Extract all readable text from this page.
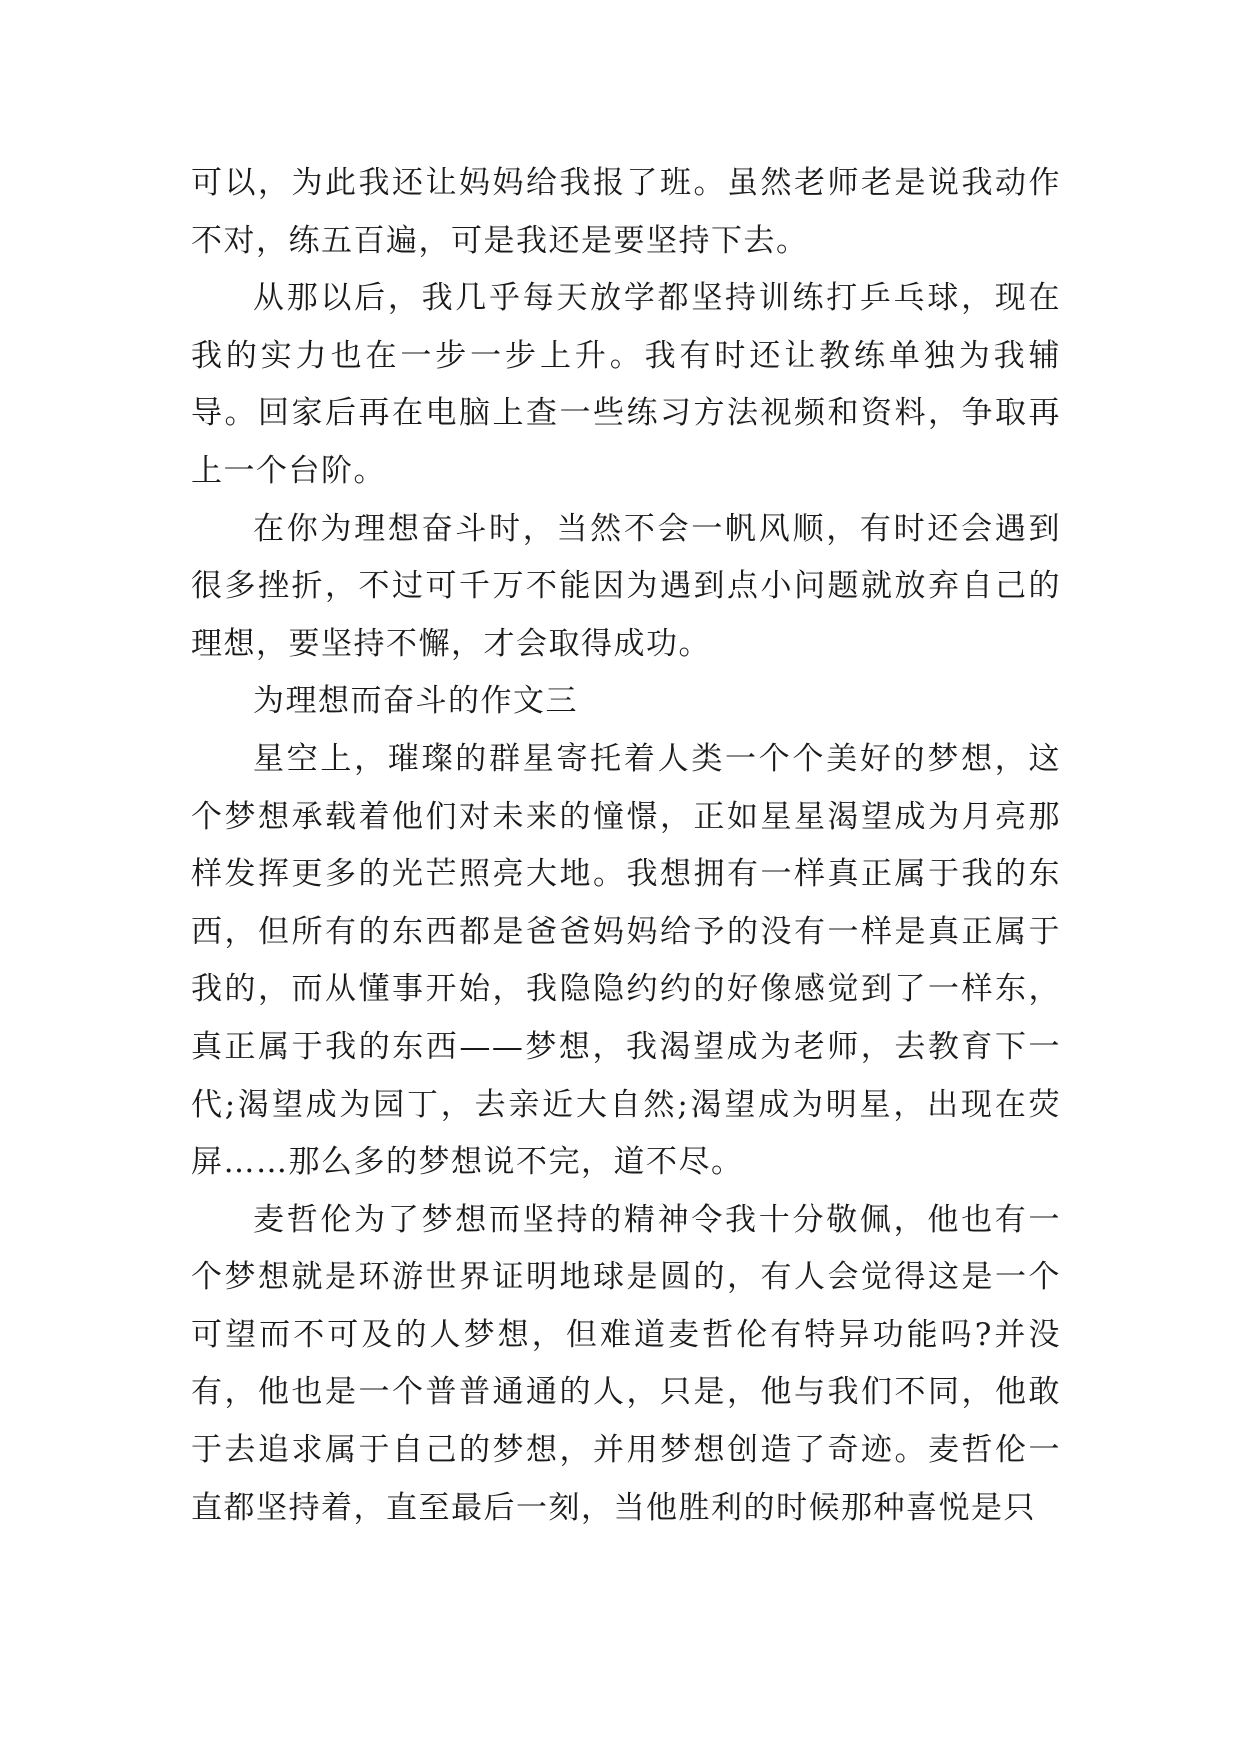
可以，为此我还让妈妈给我报了班。虽然老师老是说我动作不对，练五百遍，可是我还是要坚持下去。

从那以后，我几乎每天放学都坚持训练打乒乓球，现在我的实力也在一步一步上升。我有时还让教练单独为我辅导。回家后再在电脑上查一些练习方法视频和资料，争取再上一个台阶。

在你为理想奋斗时，当然不会一帆风顺，有时还会遇到很多挫折，不过可千万不能因为遇到点小问题就放弃自己的理想，要坚持不懈，才会取得成功。

为理想而奋斗的作文三

星空上，璀璨的群星寄托着人类一个个美好的梦想，这个梦想承载着他们对未来的憧憬，正如星星渴望成为月亮那样发挥更多的光芒照亮大地。我想拥有一样真正属于我的东西，但所有的东西都是爸爸妈妈给予的没有一样是真正属于我的，而从懂事开始，我隐隐约约的好像感觉到了一样东，真正属于我的东西——梦想，我渴望成为老师，去教育下一代;渴望成为园丁，去亲近大自然;渴望成为明星，出现在荧屏……那么多的梦想说不完，道不尽。

麦哲伦为了梦想而坚持的精神令我十分敬佩，他也有一个梦想就是环游世界证明地球是圆的，有人会觉得这是一个可望而不可及的人梦想，但难道麦哲伦有特异功能吗?并没有，他也是一个普普通通的人，只是，他与我们不同，他敢于去追求属于自己的梦想，并用梦想创造了奇迹。麦哲伦一直都坚持着，直至最后一刻，当他胜利的时候那种喜悦是只
